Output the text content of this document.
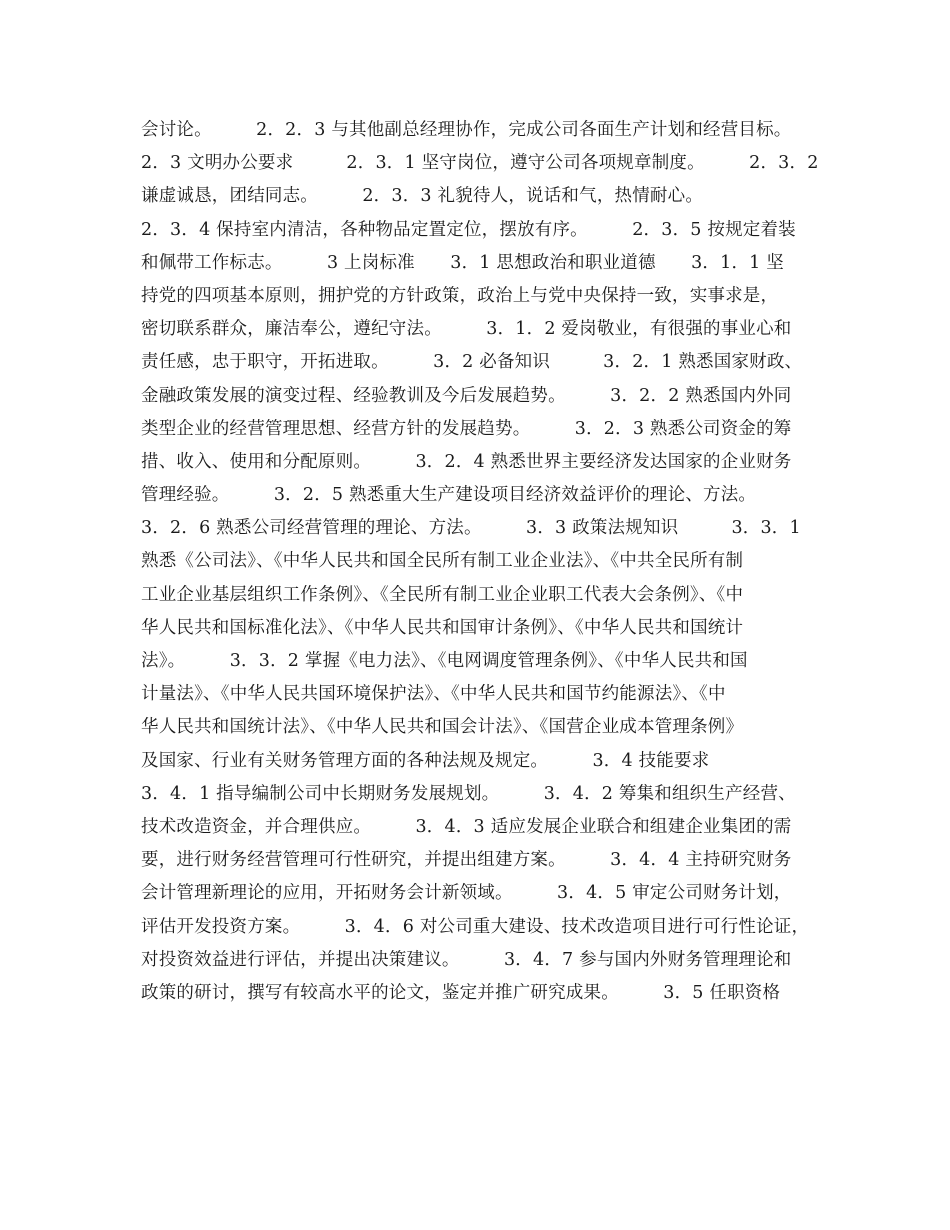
会讨论。　　　2．2．3 与其他副总经理协作，完成公司各面生产计划和经营目标。
2．3 文明办公要求　　　2．3．1 坚守岗位，遵守公司各项规章制度。　　　2．3．2
谦虚诚恳，团结同志。　　　2．3．3 礼貌待人，说话和气，热情耐心。
2．3．4 保持室内清洁，各种物品定置定位，摆放有序。　　　2．3．5 按规定着装
和佩带工作标志。　　　3 上岗标准　　3．1 思想政治和职业道德　　3．1．1 坚
持党的四项基本原则，拥护党的方针政策，政治上与党中央保持一致，实事求是，
密切联系群众，廉洁奉公，遵纪守法。　　　3．1．2 爱岗敬业，有很强的事业心和
责任感，忠于职守，开拓进取。　　　3．2 必备知识　　　3．2．1 熟悉国家财政、
金融政策发展的演变过程、经验教训及今后发展趋势。　　　3．2．2 熟悉国内外同
类型企业的经营管理思想、经营方针的发展趋势。　　　3．2．3 熟悉公司资金的筹
措、收入、使用和分配原则。　　　3．2．4 熟悉世界主要经济发达国家的企业财务
管理经验。　　　3．2．5 熟悉重大生产建设项目经济效益评价的理论、方法。
3．2．6 熟悉公司经营管理的理论、方法。　　　3．3 政策法规知识　　　3．3．1
熟悉《公司法》、《中华人民共和国全民所有制工业企业法》、《中共全民所有制
工业企业基层组织工作条例》、《全民所有制工业企业职工代表大会条例》、《中
华人民共和国标准化法》、《中华人民共和国审计条例》、《中华人民共和国统计
法》。　　　3．3．2 掌握《电力法》、《电网调度管理条例》、《中华人民共和国
计量法》、《中华人民共国环境保护法》、《中华人民共和国节约能源法》、《中
华人民共和国统计法》、《中华人民共和国会计法》、《国营企业成本管理条例》
及国家、行业有关财务管理方面的各种法规及规定。　　　3．4 技能要求
3．4．1 指导编制公司中长期财务发展规划。　　　3．4．2 筹集和组织生产经营、
技术改造资金，并合理供应。　　　3．4．3 适应发展企业联合和组建企业集团的需
要，进行财务经营管理可行性研究，并提出组建方案。　　　3．4．4 主持研究财务
会计管理新理论的应用，开拓财务会计新领域。　　　3．4．5 审定公司财务计划，
评估开发投资方案。　　　3．4．6 对公司重大建设、技术改造项目进行可行性论证，
对投资效益进行评估，并提出决策建议。　　　3．4．7 参与国内外财务管理理论和
政策的研讨，撰写有较高水平的论文，鉴定并推广研究成果。　　　3．5 任职资格
